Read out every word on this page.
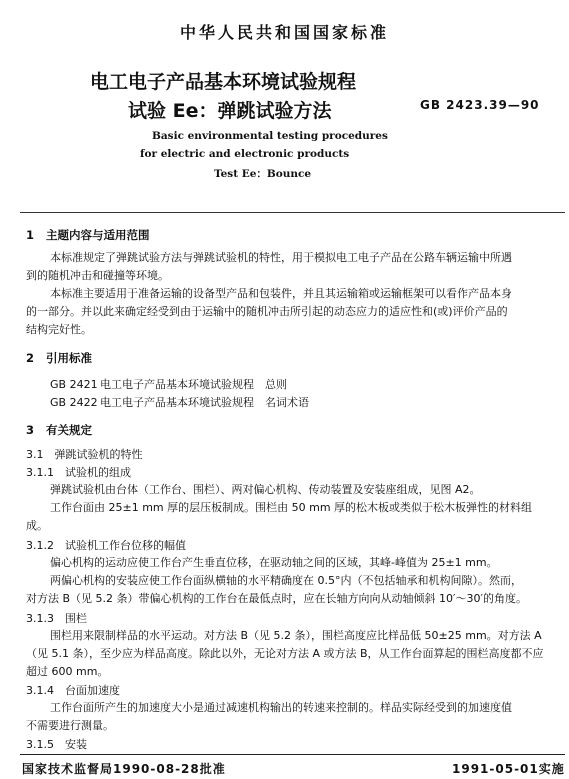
中华人民共和国国家标准
电工电子产品基本环境试验规程
试验 Ee：弹跳试验方法	GB 2423.39—90
Basic environmental testing procedures
for electric and electronic products
Test Ee：Bounce
1 主题内容与适用范围
本标准规定了弹跳试验方法与弹跳试验机的特性，用于模拟电工电子产品在公路车辆运输中所遇
到的随机冲击和碰撞等环境。
本标准主要适用于准备运输的设备型产品和包装件，并且其运输箱或运输框架可以看作产品本身
的一部分。并以此来确定经受到由于运输中的随机冲击所引起的动态应力的适应性和(或)评价产品的
结构完好性。
2 引用标准
GB 2421 电工电子产品基本环境试验规程　总则
GB 2422 电工电子产品基本环境试验规程　名词术语
3 有关规定
3.1　弹跳试验机的特性
3.1.1　试验机的组成
弹跳试验机由台体（工作台、围栏）、两对偏心机构、传动装置及安装座组成，见图 A2。
工作台面由 25±1 mm 厚的层压板制成。围栏由 50 mm 厚的松木板或类似于松木板弹性的材料组
成。
3.1.2　试验机工作台位移的幅值
偏心机构的运动应使工作台产生垂直位移，在驱动轴之间的区域，其峰-峰值为 25±1 mm。
两偏心机构的安装应使工作台面纵横轴的水平精确度在 0.5°内（不包括轴承和机构间隙）。然而，
对方法 B（见 5.2 条）带偏心机构的工作台在最低点时，应在长轴方向向从动轴倾斜 10′～30′的角度。
3.1.3　围栏
围栏用来限制样品的水平运动。对方法 B（见 5.2 条），围栏高度应比样品低 50±25 mm。对方法 A
（见 5.1 条），至少应为样品高度。除此以外，无论对方法 A 或方法 B，从工作台面算起的围栏高度都不应
超过 600 mm。
3.1.4　台面加速度
工作台面所产生的加速度大小是通过减速机构输出的转速来控制的。样品实际经受到的加速度值
不需要进行测量。
3.1.5　安装
国家技术监督局1990-08-28批准	1991-05-01实施
